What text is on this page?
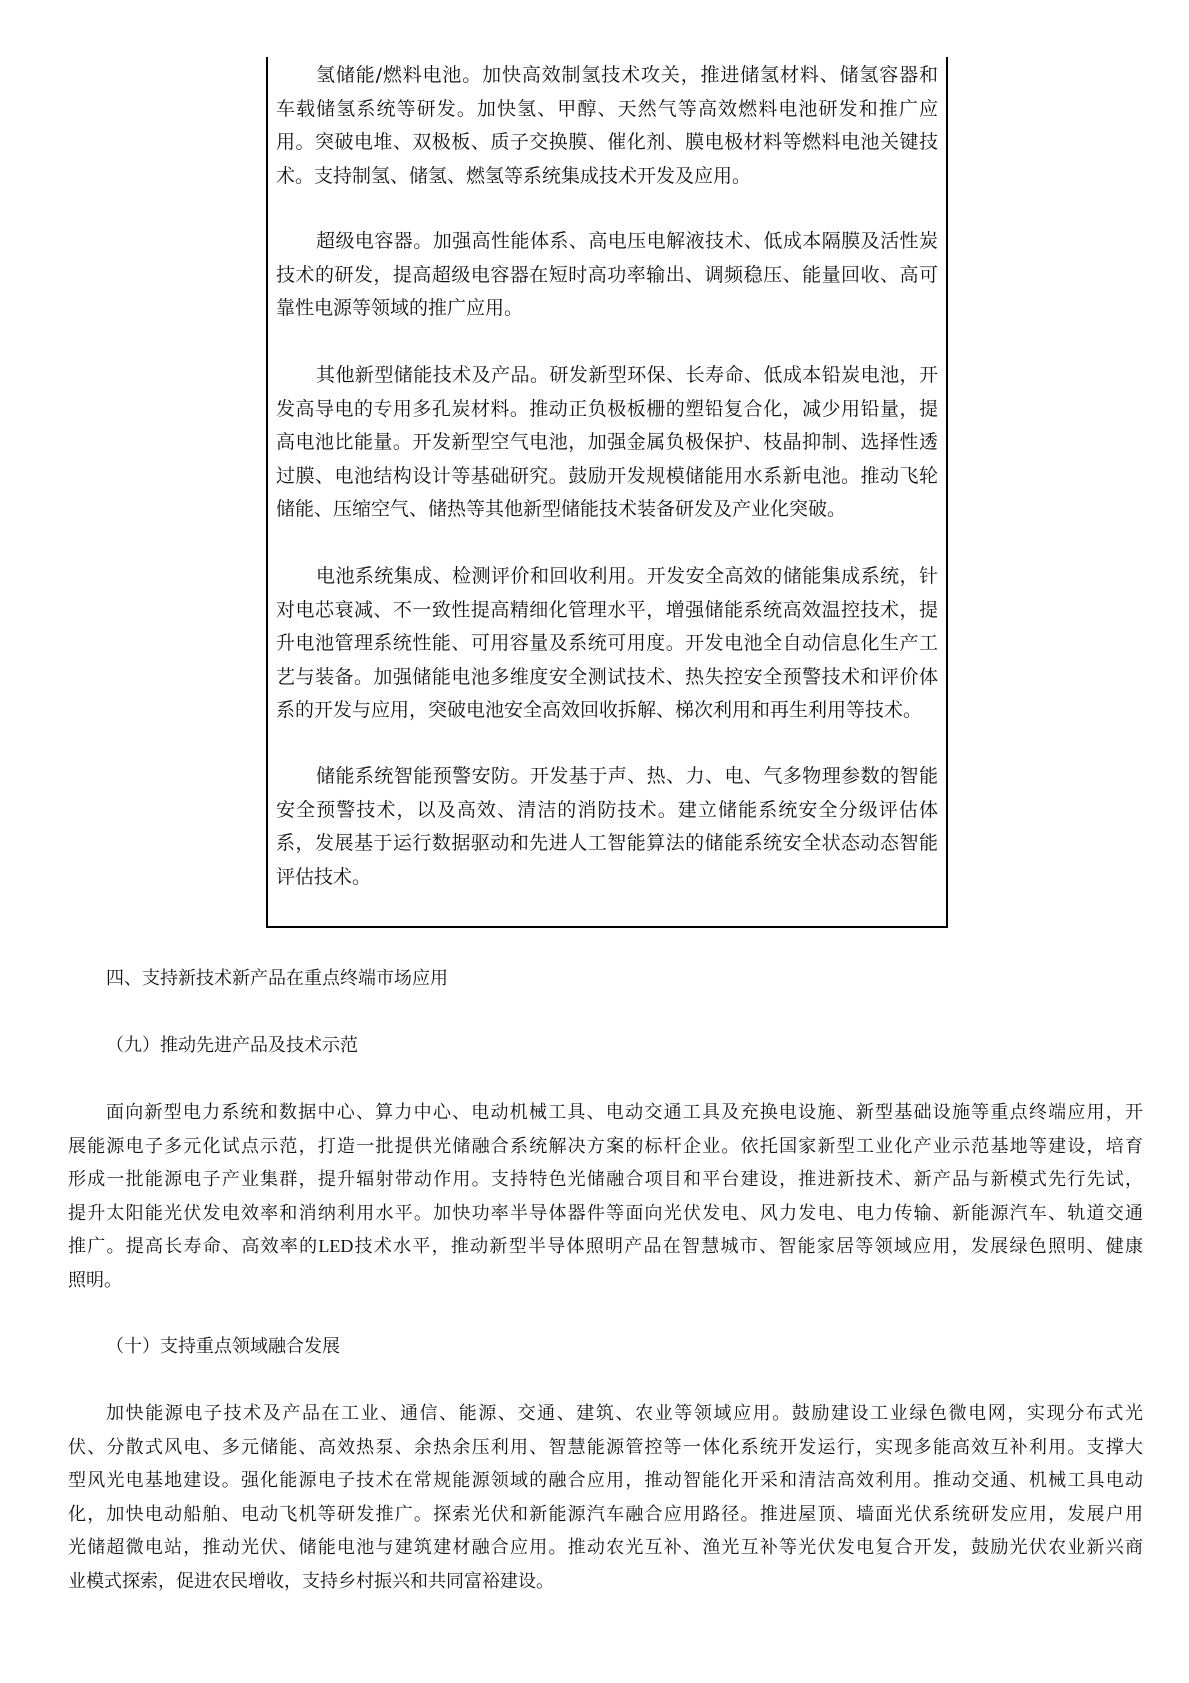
氢储能/燃料电池。加快高效制氢技术攻关，推进储氢材料、储氢容器和
车载储氢系统等研发。加快氢、甲醇、天然气等高效燃料电池研发和推广应
用。突破电堆、双极板、质子交换膜、催化剂、膜电极材料等燃料电池关键技
术。支持制氢、储氢、燃氢等系统集成技术开发及应用。
超级电容器。加强高性能体系、高电压电解液技术、低成本隔膜及活性炭
技术的研发，提高超级电容器在短时高功率输出、调频稳压、能量回收、高可
靠性电源等领域的推广应用。
其他新型储能技术及产品。研发新型环保、长寿命、低成本铅炭电池，开
发高导电的专用多孔炭材料。推动正负极板栅的塑铅复合化，减少用铅量，提
高电池比能量。开发新型空气电池，加强金属负极保护、枝晶抑制、选择性透
过膜、电池结构设计等基础研究。鼓励开发规模储能用水系新电池。推动飞轮
储能、压缩空气、储热等其他新型储能技术装备研发及产业化突破。
电池系统集成、检测评价和回收利用。开发安全高效的储能集成系统，针
对电芯衰减、不一致性提高精细化管理水平，增强储能系统高效温控技术，提
升电池管理系统性能、可用容量及系统可用度。开发电池全自动信息化生产工
艺与装备。加强储能电池多维度安全测试技术、热失控安全预警技术和评价体
系的开发与应用，突破电池安全高效回收拆解、梯次利用和再生利用等技术。
储能系统智能预警安防。开发基于声、热、力、电、气多物理参数的智能
安全预警技术，以及高效、清洁的消防技术。建立储能系统安全分级评估体
系，发展基于运行数据驱动和先进人工智能算法的储能系统安全状态动态智能
评估技术。
四、支持新技术新产品在重点终端市场应用
（九）推动先进产品及技术示范
面向新型电力系统和数据中心、算力中心、电动机械工具、电动交通工具及充换电设施、新型基础设施等重点终端应用，开
展能源电子多元化试点示范，打造一批提供光储融合系统解决方案的标杆企业。依托国家新型工业化产业示范基地等建设，培育
形成一批能源电子产业集群，提升辐射带动作用。支持特色光储融合项目和平台建设，推进新技术、新产品与新模式先行先试，
提升太阳能光伏发电效率和消纳利用水平。加快功率半导体器件等面向光伏发电、风力发电、电力传输、新能源汽车、轨道交通
推广。提高长寿命、高效率的LED技术水平，推动新型半导体照明产品在智慧城市、智能家居等领域应用，发展绿色照明、健康
照明。
（十）支持重点领域融合发展
加快能源电子技术及产品在工业、通信、能源、交通、建筑、农业等领域应用。鼓励建设工业绿色微电网，实现分布式光
伏、分散式风电、多元储能、高效热泵、余热余压利用、智慧能源管控等一体化系统开发运行，实现多能高效互补利用。支撑大
型风光电基地建设。强化能源电子技术在常规能源领域的融合应用，推动智能化开采和清洁高效利用。推动交通、机械工具电动
化，加快电动船舶、电动飞机等研发推广。探索光伏和新能源汽车融合应用路径。推进屋顶、墙面光伏系统研发应用，发展户用
光储超微电站，推动光伏、储能电池与建筑建材融合应用。推动农光互补、渔光互补等光伏发电复合开发，鼓励光伏农业新兴商
业模式探索，促进农民增收，支持乡村振兴和共同富裕建设。
